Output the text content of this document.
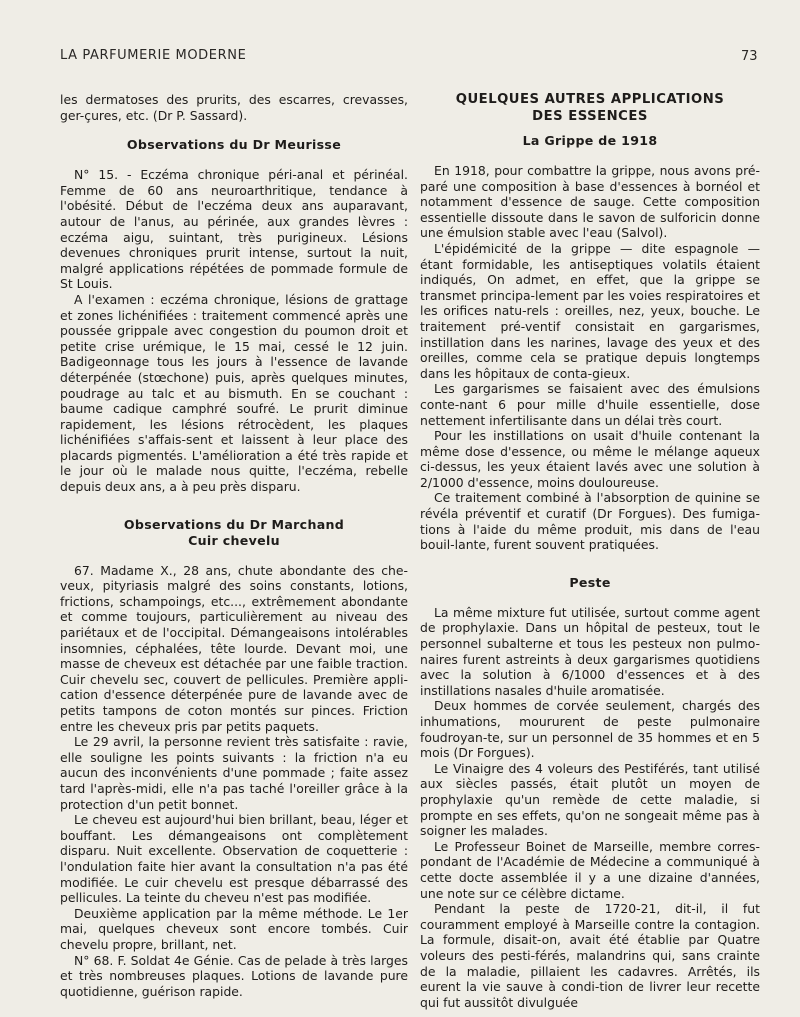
LA PARFUMERIE MODERNE	73

les dermatoses des prurits, des escarres, crevasses, ger-çures, etc. (Dr P. Sassard).

Observations du Dr Meurisse

N° 15. - Eczéma chronique péri-anal et périnéal. Femme de 60 ans neuroarthritique, tendance à l'obésité. Début de l'eczéma deux ans auparavant, autour de l'anus, au périnée, aux grandes lèvres : eczéma aigu, suintant, très purigineux. Lésions devenues chroniques prurit intense, surtout la nuit, malgré applications répétées de pommade formule de St Louis.

A l'examen : eczéma chronique, lésions de grattage et zones lichénifiées : traitement commencé après une poussée grippale avec congestion du poumon droit et petite crise urémique, le 15 mai, cessé le 12 juin. Badigeonnage tous les jours à l'essence de lavande déterpénée (stœchone) puis, après quelques minutes, poudrage au talc et au bismuth. En se couchant : baume cadique camphré soufré. Le prurit diminue rapidement, les lésions rétrocèdent, les plaques lichénifiées s'affais-sent et laissent à leur place des placards pigmentés. L'amélioration a été très rapide et le jour où le malade nous quitte, l'eczéma, rebelle depuis deux ans, a à peu près disparu.

Observations du Dr Marchand
Cuir chevelu

67. Madame X., 28 ans, chute abondante des che-veux, pityriasis malgré des soins constants, lotions, frictions, schampoings, etc..., extrêmement abondante et comme toujours, particulièrement au niveau des pariétaux et de l'occipital. Démangeaisons intolérables insomnies, céphalées, tête lourde. Devant moi, une masse de cheveux est détachée par une faible traction. Cuir chevelu sec, couvert de pellicules. Première appli-cation d'essence déterpénée pure de lavande avec de petits tampons de coton montés sur pinces. Friction entre les cheveux pris par petits paquets.

Le 29 avril, la personne revient très satisfaite : ravie, elle souligne les points suivants : la friction n'a eu aucun des inconvénients d'une pommade ; faite assez tard l'après-midi, elle n'a pas taché l'oreiller grâce à la protection d'un petit bonnet.

Le cheveu est aujourd'hui bien brillant, beau, léger et bouffant. Les démangeaisons ont complètement disparu. Nuit excellente. Observation de coquetterie : l'ondulation faite hier avant la consultation n'a pas été modifiée. Le cuir chevelu est presque débarrassé des pellicules. La teinte du cheveu n'est pas modifiée.

Deuxième application par la même méthode. Le 1er mai, quelques cheveux sont encore tombés. Cuir chevelu propre, brillant, net.

N° 68. F. Soldat 4e Génie. Cas de pelade à très larges et très nombreuses plaques. Lotions de lavande pure quotidienne, guérison rapide.

QUELQUES AUTRES APPLICATIONS
DES ESSENCES
La Grippe de 1918

En 1918, pour combattre la grippe, nous avons pré-paré une composition à base d'essences à bornéol et notamment d'essence de sauge. Cette composition essentielle dissoute dans le savon de sulforicin donne une émulsion stable avec l'eau (Salvol).

L'épidémicité de la grippe — dite espagnole — étant formidable, les antiseptiques volatils étaient indiqués, On admet, en effet, que la grippe se transmet principa-lement par les voies respiratoires et les orifices natu-rels : oreilles, nez, yeux, bouche. Le traitement pré-ventif consistait en gargarismes, instillation dans les narines, lavage des yeux et des oreilles, comme cela se pratique depuis longtemps dans les hôpitaux de conta-gieux.

Les gargarismes se faisaient avec des émulsions conte-nant 6 pour mille d'huile essentielle, dose nettement infertilisante dans un délai très court.

Pour les instillations on usait d'huile contenant la même dose d'essence, ou même le mélange aqueux ci-dessus, les yeux étaient lavés avec une solution à 2/1000 d'essence, moins douloureuse.

Ce traitement combiné à l'absorption de quinine se révéla préventif et curatif (Dr Forgues). Des fumiga-tions à l'aide du même produit, mis dans de l'eau bouil-lante, furent souvent pratiquées.

Peste

La même mixture fut utilisée, surtout comme agent de prophylaxie. Dans un hôpital de pesteux, tout le personnel subalterne et tous les pesteux non pulmo-naires furent astreints à deux gargarismes quotidiens avec la solution à 6/1000 d'essences et à des instillations nasales d'huile aromatisée.

Deux hommes de corvée seulement, chargés des inhumations, moururent de peste pulmonaire foudroyan-te, sur un personnel de 35 hommes et en 5 mois (Dr Forgues).

Le Vinaigre des 4 voleurs des Pestiférés, tant utilisé aux siècles passés, était plutôt un moyen de prophylaxie qu'un remède de cette maladie, si prompte en ses effets, qu'on ne songeait même pas à soigner les malades.

Le Professeur Boinet de Marseille, membre corres-pondant de l'Académie de Médecine a communiqué à cette docte assemblée il y a une dizaine d'années, une note sur ce célèbre dictame.

Pendant la peste de 1720-21, dit-il, il fut couramment employé à Marseille contre la contagion. La formule, disait-on, avait été établie par Quatre voleurs des pesti-férés, malandrins qui, sans crainte de la maladie, pillaient les cadavres. Arrêtés, ils eurent la vie sauve à condi-tion de livrer leur recette qui fut aussitôt divulguée
